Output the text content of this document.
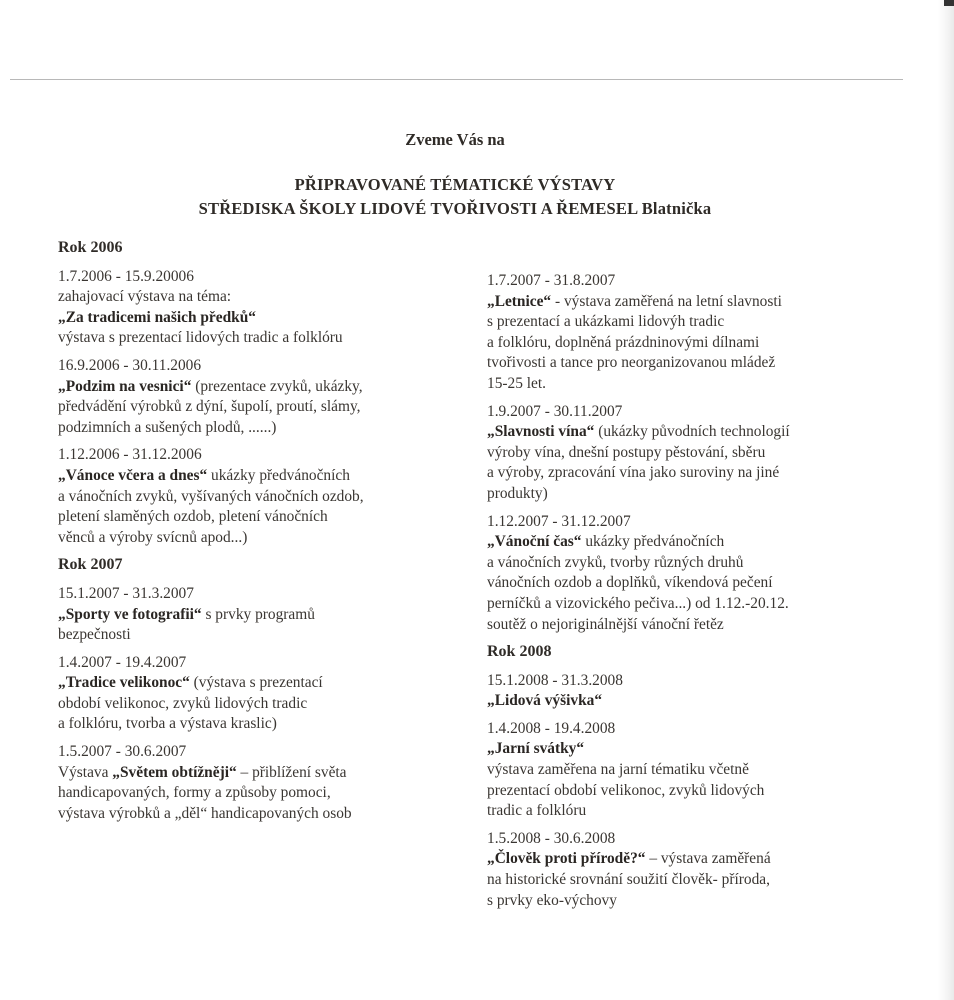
Zveme Vás na
PŘIPRAVOVANÉ TÉMATICKÉ VÝSTAVY
STŘEDISKA ŠKOLY LIDOVÉ TVOŘIVOSTI A ŘEMESEL Blatnička
Rok 2006
1.7.2006 - 15.9.20006
zahajovací výstava na téma:
„Za tradicemi našich předků“
výstava s prezentací lidových tradic a folklóru
16.9.2006 - 30.11.2006
„Podzim na vesnici“ (prezentace zvyků, ukázky,
předvádění výrobků z dýní, šupolí, proutí, slámy,
podzimních a sušených plodů, ......)
1.12.2006 - 31.12.2006
„Vánoce včera a dnes“ ukázky předvánočních
a vánočních zvyků, vyšívaných vánočních ozdob,
pletení slaměných ozdob, pletení vánočních
věnců a výroby svícnů apod...)
Rok 2007
15.1.2007 - 31.3.2007
„Sporty ve fotografii“ s prvky programů
bezpečnosti
1.4.2007 - 19.4.2007
„Tradice velikonoc“ (výstava s prezentací
období velikonoc, zvyků lidových tradic
a folklóru, tvorba a výstava kraslic)
1.5.2007 - 30.6.2007
Výstava „Světem obtížněji“ – přiblížení světa
handicapovaných, formy a způsoby pomoci,
výstava výrobků a „děl“ handicapovaných osob
1.7.2007 - 31.8.2007
„Letnice“ - výstava zaměřená na letní slavnosti
s prezentací a ukázkami lidovýh tradic
a folklóru, doplněná prázdninovými dílnami
tvořivosti a tance pro neorganizovanou mládež
15-25 let.
1.9.2007 - 30.11.2007
„Slavnosti vína“ (ukázky původních technologií
výroby vína, dnešní postupy pěstování, sběru
a výroby, zpracování vína jako suroviny na jiné
produkty)
1.12.2007 - 31.12.2007
„Vánoční čas“ ukázky předvánočních
a vánočních zvyků, tvorby různých druhů
vánočních ozdob a doplňků, víkendová pečení
perníčků a vizovického pečiva...) od 1.12.-20.12.
soutěž o nejoriginálnější vánoční řetěz
Rok 2008
15.1.2008 - 31.3.2008
„Lidová výšivka“
1.4.2008 - 19.4.2008
„Jarní svátky“
výstava zaměřena na jarní tématiku včetně
prezentací období velikonoc, zvyků lidových
tradic a folklóru
1.5.2008 - 30.6.2008
„Člověk proti přírodě?“ – výstava zaměřená
na historické srovnání soužití člověk- příroda,
s prvky eko-výchovy
